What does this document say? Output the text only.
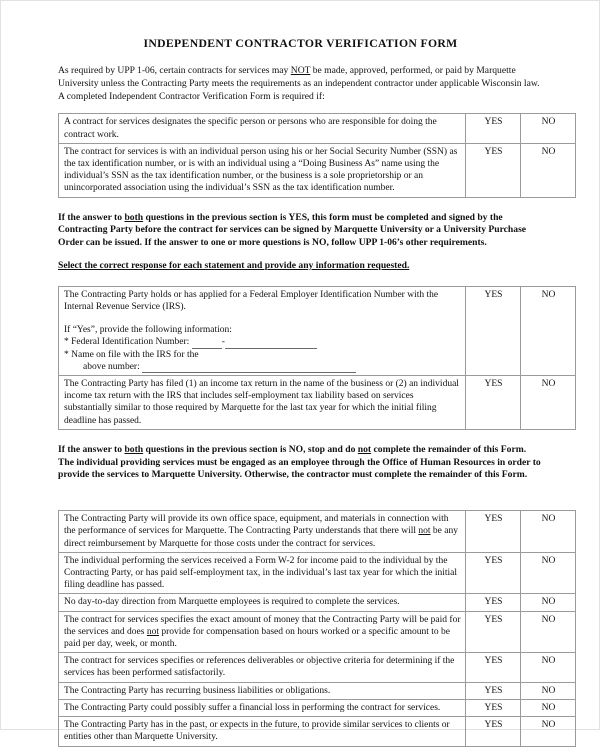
INDEPENDENT CONTRACTOR VERIFICATION FORM

As required by UPP 1-06, certain contracts for services may NOT be made, approved, performed, or paid by Marquette University unless the Contracting Party meets the requirements as an independent contractor under applicable Wisconsin law. A completed Independent Contractor Verification Form is required if:

A contract for services designates the specific person or persons who are responsible for doing the contract work.	YES	NO
The contract for services is with an individual person using his or her Social Security Number (SSN) as the tax identification number, or is with an individual using a “Doing Business As” name using the individual’s SSN as the tax identification number, or the business is a sole proprietorship or an unincorporated association using the individual’s SSN as the tax identification number.	YES	NO

If the answer to both questions in the previous section is YES, this form must be completed and signed by the Contracting Party before the contract for services can be signed by Marquette University or a University Purchase Order can be issued. If the answer to one or more questions is NO, follow UPP 1-06’s other requirements.

Select the correct response for each statement and provide any information requested.
The Contracting Party holds or has applied for a Federal Employer Identification Number with the Internal Revenue Service (IRS).
If “Yes”, provide the following information:
* Federal Identification Number: -
* Name on file with the IRS for the
above number:	YES	NO
The Contracting Party has filed (1) an income tax return in the name of the business or (2) an individual income tax return with the IRS that includes self-employment tax liability based on services substantially similar to those required by Marquette for the last tax year for which the initial filing deadline has passed.	YES	NO

If the answer to both questions in the previous section is NO, stop and do not complete the remainder of this Form. The individual providing services must be engaged as an employee through the Office of Human Resources in order to provide the services to Marquette University. Otherwise, the contractor must complete the remainder of this Form.

The Contracting Party will provide its own office space, equipment, and materials in connection with the performance of services for Marquette. The Contracting Party understands that there will not be any direct reimbursement by Marquette for those costs under the contract for services.	YES	NO
The individual performing the services received a Form W-2 for income paid to the individual by the Contracting Party, or has paid self-employment tax, in the individual’s last tax year for which the initial filing deadline has passed.	YES	NO
No day-to-day direction from Marquette employees is required to complete the services.	YES	NO
The contract for services specifies the exact amount of money that the Contracting Party will be paid for the services and does not provide for compensation based on hours worked or a specific amount to be paid per day, week, or month.	YES	NO
The contract for services specifies or references deliverables or objective criteria for determining if the services has been performed satisfactorily.	YES	NO
The Contracting Party has recurring business liabilities or obligations.	YES	NO
The Contracting Party could possibly suffer a financial loss in performing the contract for services.	YES	NO
The Contracting Party has in the past, or expects in the future, to provide similar services to clients or entities other than Marquette University.	YES	NO
